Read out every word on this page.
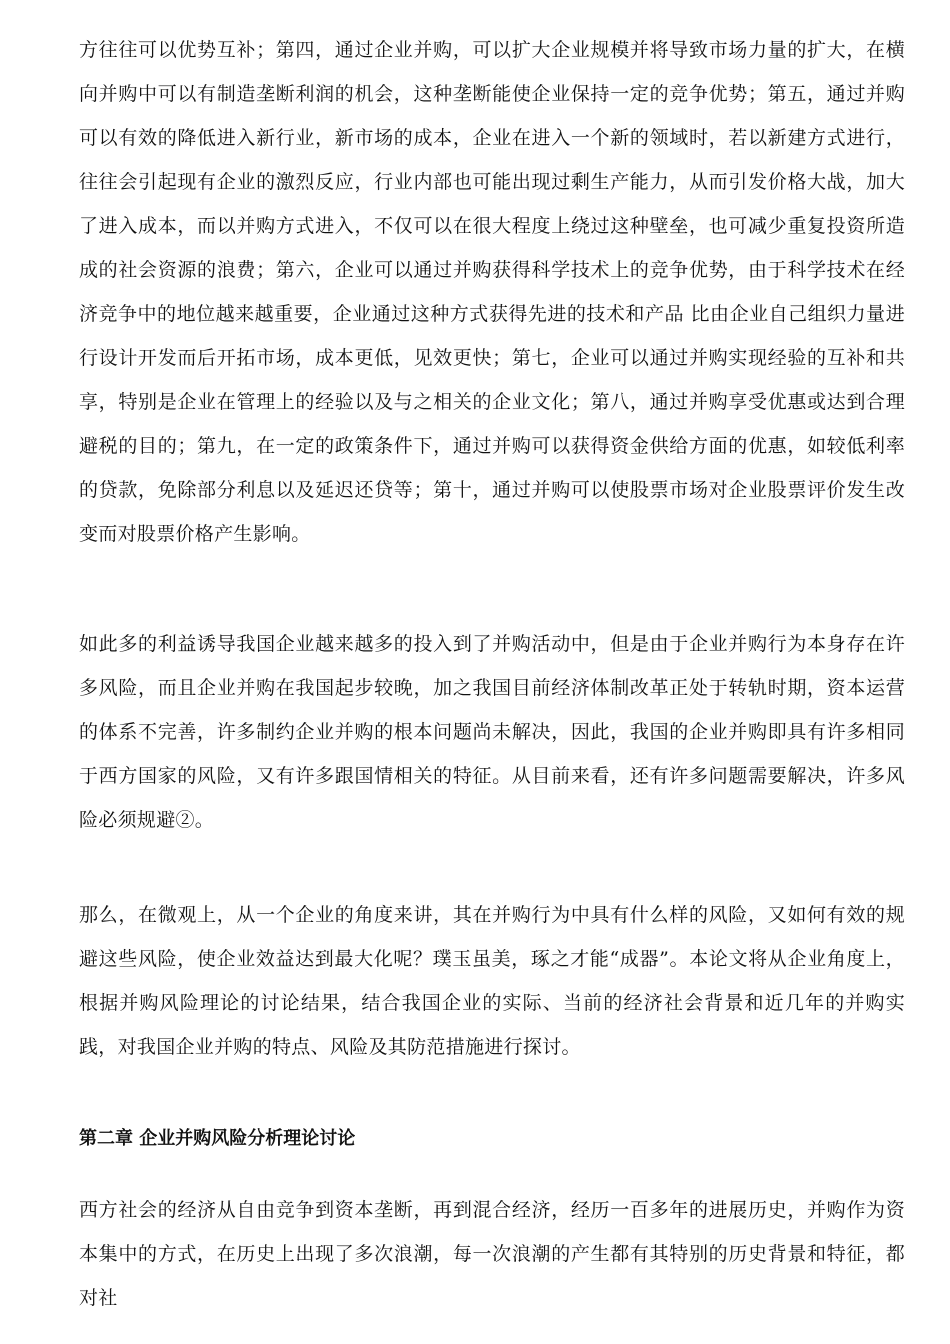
方往往可以优势互补；第四，通过企业并购，可以扩大企业规模并将导致市场力量的扩大，在横向并购中可以有制造垄断利润的机会，这种垄断能使企业保持一定的竞争优势；第五，通过并购可以有效的降低进入新行业，新市场的成本，企业在进入一个新的领域时，若以新建方式进行，往往会引起现有企业的激烈反应，行业内部也可能出现过剩生产能力，从而引发价格大战，加大了进入成本，而以并购方式进入，不仅可以在很大程度上绕过这种壁垒，也可减少重复投资所造成的社会资源的浪费；第六，企业可以通过并购获得科学技术上的竞争优势，由于科学技术在经济竞争中的地位越来越重要，企业通过这种方式获得先进的技术和产品 比由企业自己组织力量进行设计开发而后开拓市场，成本更低，见效更快；第七，企业可以通过并购实现经验的互补和共享，特别是企业在管理上的经验以及与之相关的企业文化；第八，通过并购享受优惠或达到合理避税的目的；第九，在一定的政策条件下，通过并购可以获得资金供给方面的优惠，如较低利率的贷款，免除部分利息以及延迟还贷等；第十，通过并购可以使股票市场对企业股票评价发生改变而对股票价格产生影响。

如此多的利益诱导我国企业越来越多的投入到了并购活动中，但是由于企业并购行为本身存在许多风险，而且企业并购在我国起步较晚，加之我国目前经济体制改革正处于转轨时期，资本运营的体系不完善，许多制约企业并购的根本问题尚未解决，因此，我国的企业并购即具有许多相同于西方国家的风险，又有许多跟国情相关的特征。从目前来看，还有许多问题需要解决，许多风险必须规避②。

那么，在微观上，从一个企业的角度来讲，其在并购行为中具有什么样的风险，又如何有效的规避这些风险，使企业效益达到最大化呢？璞玉虽美，琢之才能“成器”。本论文将从企业角度上，根据并购风险理论的讨论结果，结合我国企业的实际、当前的经济社会背景和近几年的并购实践，对我国企业并购的特点、风险及其防范措施进行探讨。

第二章 企业并购风险分析理论讨论

西方社会的经济从自由竞争到资本垄断，再到混合经济，经历一百多年的进展历史，并购作为资本集中的方式，在历史上出现了多次浪潮，每一次浪潮的产生都有其特别的历史背景和特征，都对社
